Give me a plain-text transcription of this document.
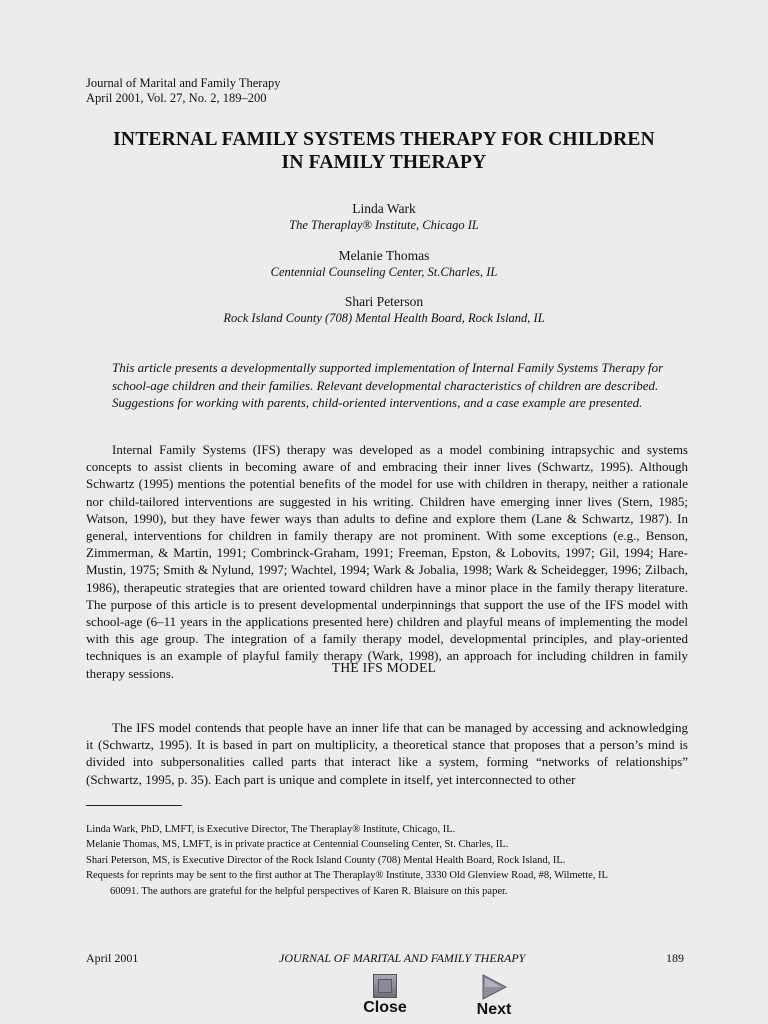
Journal of Marital and Family Therapy
April 2001, Vol. 27, No. 2, 189–200
INTERNAL FAMILY SYSTEMS THERAPY FOR CHILDREN
IN FAMILY THERAPY
Linda Wark
The Theraplay® Institute, Chicago IL
Melanie Thomas
Centennial Counseling Center, St.Charles, IL
Shari Peterson
Rock Island County (708) Mental Health Board, Rock Island, IL
This article presents a developmentally supported implementation of Internal Family Systems Therapy for school-age children and their families. Relevant developmental characteristics of children are described. Suggestions for working with parents, child-oriented interventions, and a case example are presented.

Internal Family Systems (IFS) therapy was developed as a model combining intrapsychic and systems concepts to assist clients in becoming aware of and embracing their inner lives (Schwartz, 1995). Although Schwartz (1995) mentions the potential benefits of the model for use with children in therapy, neither a rationale nor child-tailored interventions are suggested in his writing. Children have emerging inner lives (Stern, 1985; Watson, 1990), but they have fewer ways than adults to define and explore them (Lane & Schwartz, 1987). In general, interventions for children in family therapy are not prominent. With some exceptions (e.g., Benson, Zimmerman, & Martin, 1991; Combrinck-Graham, 1991; Freeman, Epston, & Lobovits, 1997; Gil, 1994; Hare-Mustin, 1975; Smith & Nylund, 1997; Wachtel, 1994; Wark & Jobalia, 1998; Wark & Scheidegger, 1996; Zilbach, 1986), therapeutic strategies that are oriented toward children have a minor place in the family therapy literature. The purpose of this article is to present developmental underpinnings that support the use of the IFS model with school-age (6–11 years in the applications presented here) children and playful means of implementing the model with this age group. The integration of a family therapy model, developmental principles, and play-oriented techniques is an example of playful family therapy (Wark, 1998), an approach for including children in family therapy sessions.	THE IFS MODEL

The IFS model contends that people have an inner life that can be managed by accessing and acknowledging it (Schwartz, 1995). It is based in part on multiplicity, a theoretical stance that proposes that a person’s mind is divided into subpersonalities called parts that interact like a system, forming “networks of relationships” (Schwartz, 1995, p. 35). Each part is unique and complete in itself, yet interconnected to other

Linda Wark, PhD, LMFT, is Executive Director, The Theraplay® Institute, Chicago, IL.
Melanie Thomas, MS, LMFT, is in private practice at Centennial Counseling Center, St. Charles, IL.
Shari Peterson, MS, is Executive Director of the Rock Island County (708) Mental Health Board, Rock Island, IL.
Requests for reprints may be sent to the first author at The Theraplay® Institute, 3330 Old Glenview Road, #8, Wilmette, IL
60091. The authors are grateful for the helpful perspectives of Karen R. Blaisure on this paper.
April 2001	JOURNAL OF MARITAL AND FAMILY THERAPY	189
Close	Next
